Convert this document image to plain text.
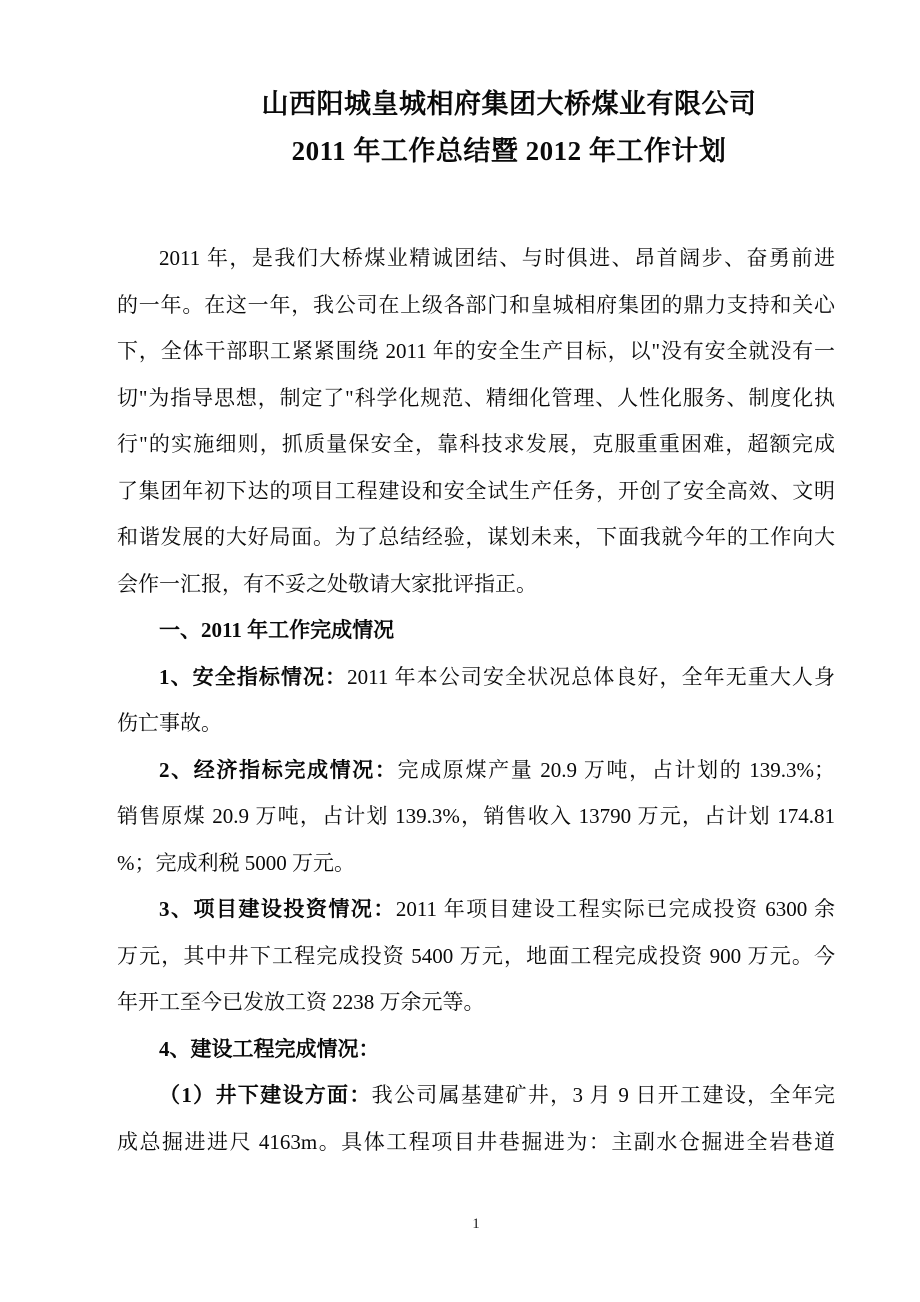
山西阳城皇城相府集团大桥煤业有限公司
2011 年工作总结暨 2012 年工作计划
2011 年，是我们大桥煤业精诚团结、与时俱进、昂首阔步、奋勇前进
的一年。在这一年，我公司在上级各部门和皇城相府集团的鼎力支持和关心
下，全体干部职工紧紧围绕 2011 年的安全生产目标，以"没有安全就没有一
切"为指导思想，制定了"科学化规范、精细化管理、人性化服务、制度化执
行"的实施细则，抓质量保安全，靠科技求发展，克服重重困难，超额完成
了集团年初下达的项目工程建设和安全试生产任务，开创了安全高效、文明
和谐发展的大好局面。为了总结经验，谋划未来，下面我就今年的工作向大
会作一汇报，有不妥之处敬请大家批评指正。
一、2011 年工作完成情况
1、安全指标情况：2011 年本公司安全状况总体良好，全年无重大人身
伤亡事故。
2、经济指标完成情况：完成原煤产量 20.9 万吨，占计划的 139.3%；
销售原煤 20.9 万吨，占计划 139.3%，销售收入 13790 万元，占计划 174.81
%；完成利税 5000 万元。
3、项目建设投资情况：2011 年项目建设工程实际已完成投资 6300 余
万元，其中井下工程完成投资 5400 万元，地面工程完成投资 900 万元。今
年开工至今已发放工资 2238 万余元等。
4、建设工程完成情况：
（1）井下建设方面：我公司属基建矿井，3 月 9 日开工建设，全年完
成总掘进进尺 4163m。具体工程项目井巷掘进为：主副水仓掘进全岩巷道
1
